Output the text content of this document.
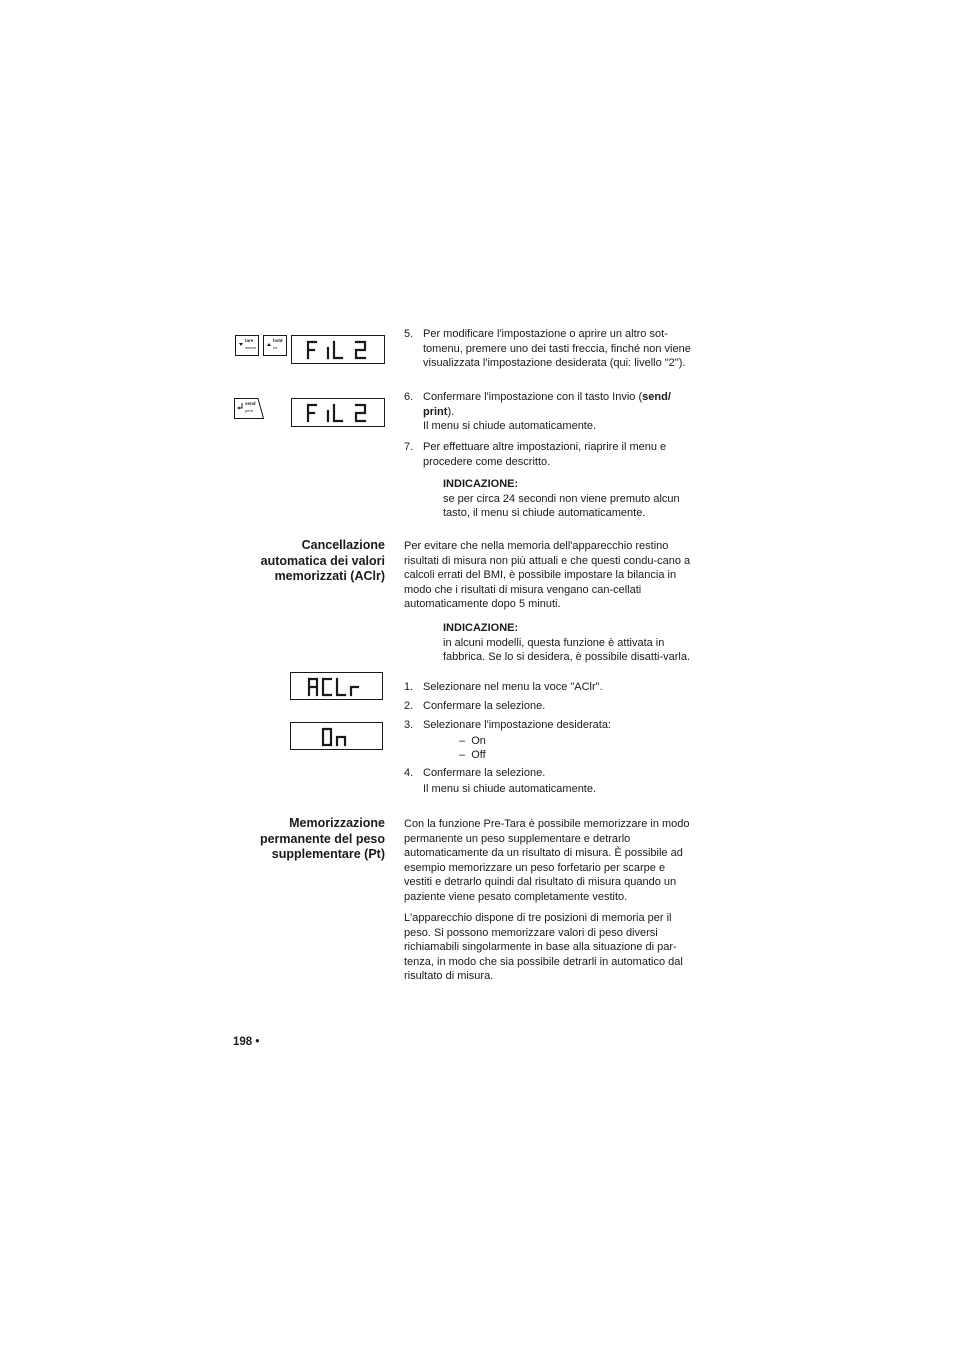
tare
memo
hold
clr
send
print
5. Per modificare l'impostazione o aprire un altro sot-tomenu, premere uno dei tasti freccia, finché non viene visualizzata l'impostazione desiderata (qui: livello "2").
6. Confermare l'impostazione con il tasto Invio (send/ print).
Il menu si chiude automaticamente.
7. Per effettuare altre impostazioni, riaprire il menu e procedere come descritto.
INDICAZIONE:
se per circa 24 secondi non viene premuto alcun tasto, il menu si chiude automaticamente.
Cancellazione automatica dei valori memorizzati (AClr)
Per evitare che nella memoria dell'apparecchio restino risultati di misura non più attuali e che questi condu-cano a calcoli errati del BMI, è possibile impostare la bilancia in modo che i risultati di misura vengano can-cellati automaticamente dopo 5 minuti.
INDICAZIONE:
in alcuni modelli, questa funzione è attivata in fabbrica. Se lo si desidera, è possibile disatti-varla.
1. Selezionare nel menu la voce "AClr".
2. Confermare la selezione.
3. Selezionare l'impostazione desiderata:
–  On
–  Off
4. Confermare la selezione.
Il menu si chiude automaticamente.
Memorizzazione permanente del peso supplementare (Pt)
Con la funzione Pre-Tara è possibile memorizzare in modo permanente un peso supplementare e detrarlo automaticamente da un risultato di misura. È possibile ad esempio memorizzare un peso forfetario per scarpe e vestiti e detrarlo quindi dal risultato di misura quando un paziente viene pesato completamente vestito.
L'apparecchio dispone di tre posizioni di memoria per il peso. Si possono memorizzare valori di peso diversi richiamabili singolarmente in base alla situazione di par-tenza, in modo che sia possibile detrarli in automatico dal risultato di misura.
198 •
